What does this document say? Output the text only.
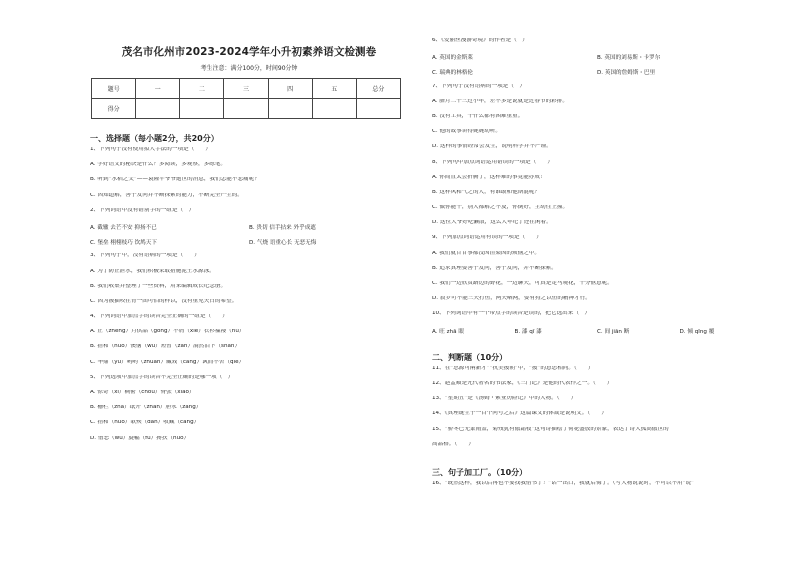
茂名市化州市2023-2024学年小升初素养语文检测卷
考生注意：满分100分，时间90分钟
题号	一	二	三	四	五	总分
得分						
一、选择题（每小题2分，共20分）
1、下列句子没有使用拟人手法的一项是（　　）
A. 学好语文的秘诀是什么？多阅读，多观察，多练笔。
B. 听到“水稻之父”——袁隆平爷爷逝世的消息，我们怎能不悲痛呢？
C. 因知道解，善于发问并不断探索的能力，不断完全产生的。
2、下列词语中没有错别字的一组是（　）
A. 截辙 去芒不安 抑扬不已	B. 贵切 信手拈来 外乎成遮
C. 堡垒 栩栩枝巧 饮鸠天下	D. 气烧 语重心长 无恶无悔
3、下列句子中，没有语病的一项是（　　）
A. 为了防止泄水，我们积极采取措施泥土水源泳。
B. 我们收集并整理了一些资料，用来编辑成长纪念册。
C. 因为被猫咬在青一团可怕的样以，没有重见天日的希望。
4、下列词语中加点字的读音完全正确的一组是（　　）
A. 正（zhēng）月供品（gōng）不屑（xiè）衣衫褴褛（nǚ）
B. 措和（huo）懊恼（wù）短暂（zàn）淌然泪下（shān）
C. 华鼎（yǔ）哟哟（zhuàn）藏戏（càng）讽而不舍（qiè）
5、下列选项中加点字的读音不完全正确的是哪一项（　）
A. 惊奇（xì）稠密（chóu）臀张（xiāo）
B. 栅栏（zhà）纸开（zhàn）胆永（zàng）
C. 措和（huo）歌殃（dān）收藏（cáng）
D. 憎恶（wù）旋幅（fú）搀扶（huo）
6、《爱丽丝漫游奇境》的作者是（　）
A. 英国的金斯莱	B. 英国的刘易斯・卡罗尔
C. 瑞典的林格伦	D. 英国的詹姆斯・巴里
7、下列句子没有语病的一项是（　）
A. 腊月二十三过小年，差不多是说就是过春节的彩排。
B. 没有工具，干什么都有困难重重。
C. 他的故事讲得娓娓动听。
D. 这样的事情经常会发生，说明科学并不严谨。
8、下列句中加点词语运用错误的一项是（　　）
A. 你简直太会折腾了，这样难的事竟能办成！
B. 这样风和气之的人，有谁敢和他斯混呢？
C. 做你能干，别人都解之不及，你倒好，主动往上撞。
D. 这位大爷好吃懒散，这么大年纪了还在闲着。
9、下列加点词语运用有误的一项是（　　）
A. 我们就甘甘事都没因渲染因的烦恼之中。
B. 追求真理要善于发问，善于发问，并不断探索。
C. 我们一边欣赏路边的野花，一边聊天，可真是走马观花，十分惬意呢。
D. 菽罗可不能三天打鱼，两天晒网，要有持之以恒的精神才行。
10、下列词语中有一个带点字的读音是误的，把它选出来（　）
A. 旺 zhā 眼	B. 漆 qī 漆	C. 间 jiān 断	D. 倾 qīng 覆
二、判断题（10分）
11、在“思源可兩新才”“抗美援朝”中，“援”的意思相同。（　　）
12、赵孟頫是元代著名的书法家，《三门记》是他的代表作之一。（　　）
13、“星期五”是《汤姆・索亚历险记》中的人物。（　　）
14、《真理诞生于一百个问号之后》这篇课文的体裁是说明文。（　　）
15、“骄冬已无蒙雨盖，菊残犹有傲霜枝”这句诗描绘了荷花盛放的景象，表达了诗人孤高傲世的
高品格。（　　）
三、句子加工厂。（10分）
16、“既然这样，我以后再也不要找我借书了！”话一出口，我就后悔了。（写人物说说时，不可以不用“说”
